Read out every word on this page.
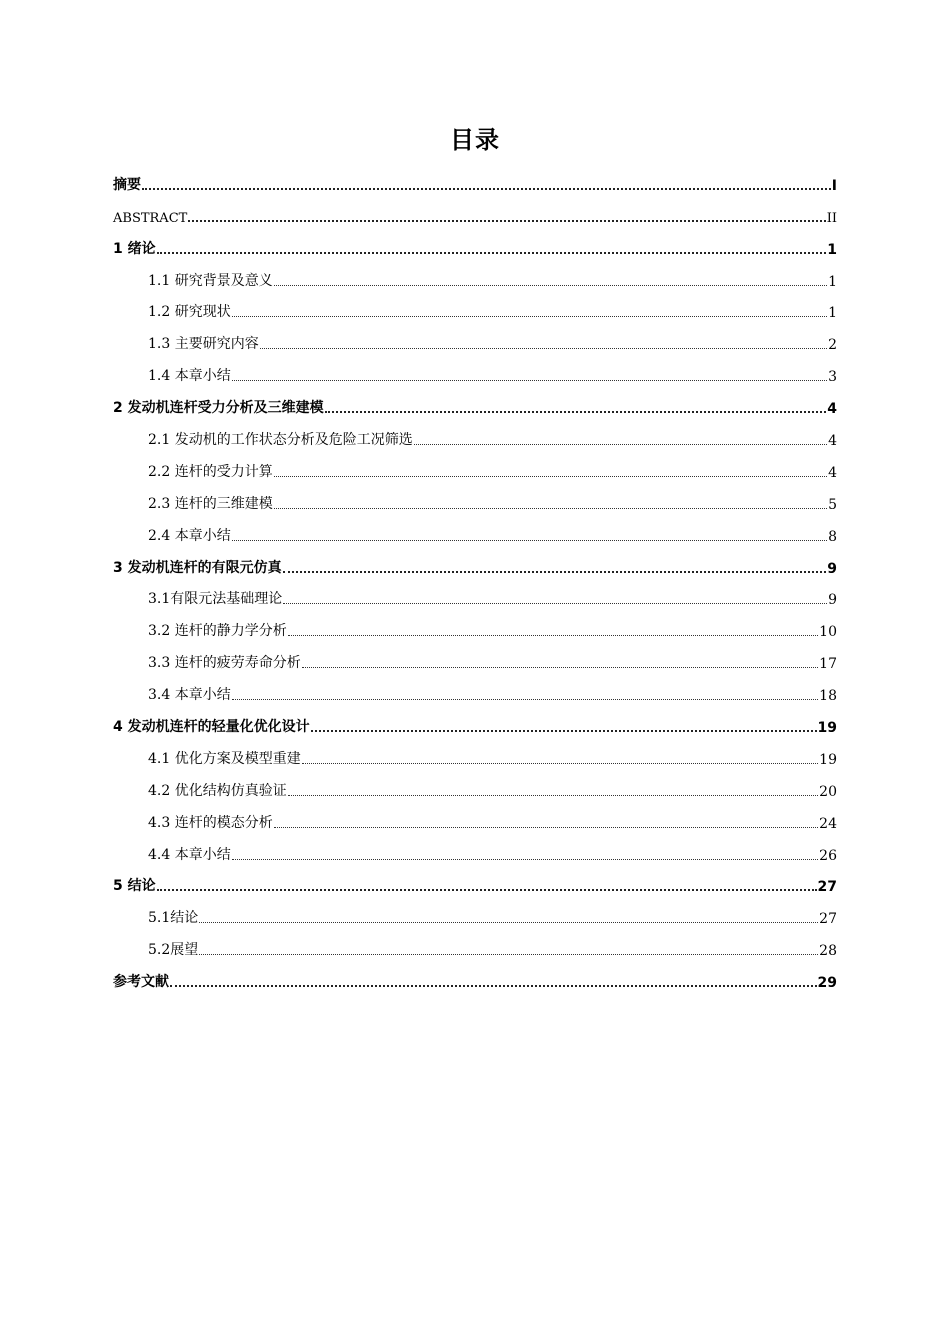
目录
摘要	I
ABSTRACT	II
1 绪论	1
1.1 研究背景及意义	1
1.2 研究现状	1
1.3 主要研究内容	2
1.4 本章小结	3
2 发动机连杆受力分析及三维建模	4
2.1 发动机的工作状态分析及危险工况筛选	4
2.2 连杆的受力计算	4
2.3 连杆的三维建模	5
2.4 本章小结	8
3 发动机连杆的有限元仿真	9
3.1有限元法基础理论	9
3.2 连杆的静力学分析	10
3.3 连杆的疲劳寿命分析	17
3.4 本章小结	18
4 发动机连杆的轻量化优化设计	19
4.1 优化方案及模型重建	19
4.2 优化结构仿真验证	20
4.3 连杆的模态分析	24
4.4 本章小结	26
5 结论	27
5.1结论	27
5.2展望	28
参考文献	29
